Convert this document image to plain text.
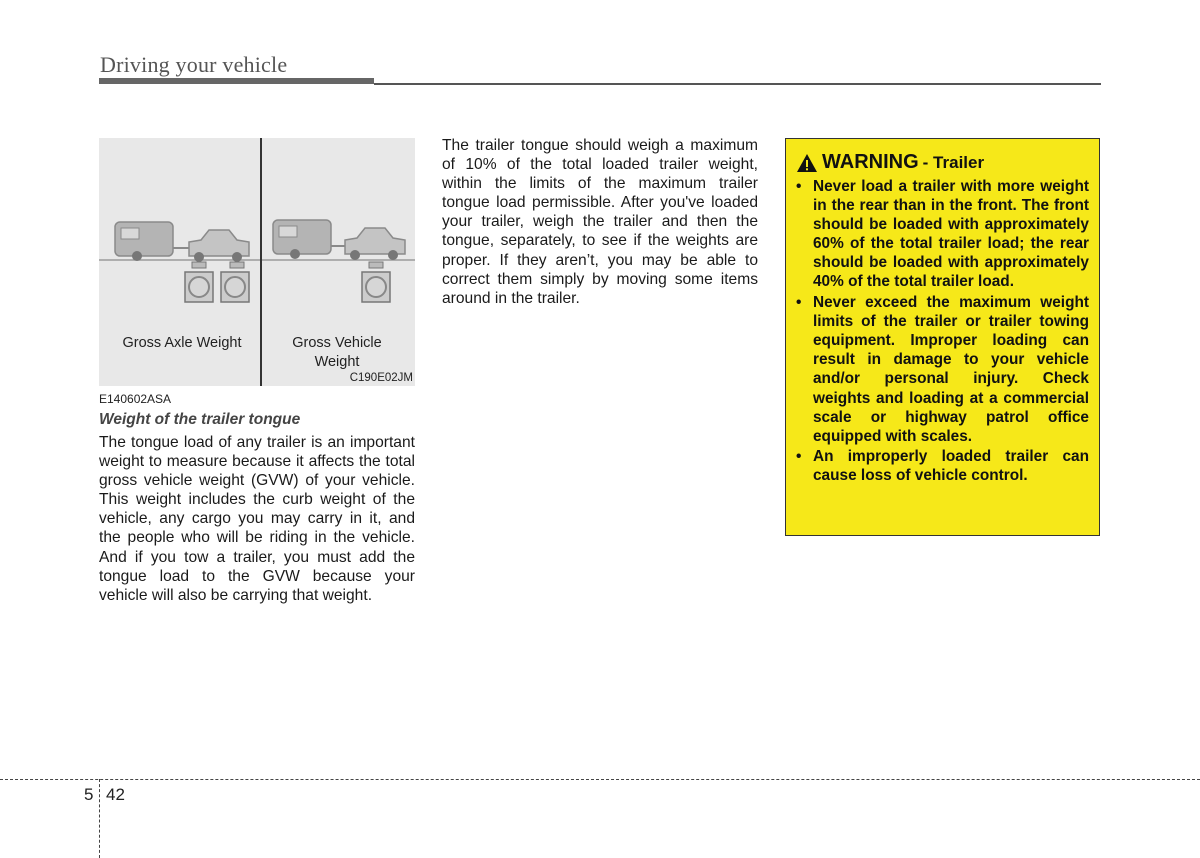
Driving your vehicle
Gross Axle Weight	Gross Vehicle Weight
C190E02JM
E140602ASA
Weight of the trailer tongue
The tongue load of any trailer is an important weight to measure because it affects the total gross vehicle weight (GVW) of your vehicle. This weight includes the curb weight of the vehicle, any cargo you may carry in it, and the people who will be riding in the vehicle. And if you tow a trailer, you must add the tongue load to the GVW because your vehicle will also be carrying that weight.
The trailer tongue should weigh a maximum of 10% of the total loaded trailer weight, within the limits of the maximum trailer tongue load permissible. After you've loaded your trailer, weigh the trailer and then the tongue, separately, to see if the weights are proper. If they aren’t, you may be able to correct them simply by moving some items around in the trailer.
WARNING - Trailer
• Never load a trailer with more weight in the rear than in the front. The front should be loaded with approximately 60% of the total trailer load; the rear should be loaded with approximately 40% of the total trailer load.
• Never exceed the maximum weight limits of the trailer or trailer towing equipment. Improper loading can result in damage to your vehicle and/or personal injury. Check weights and loading at a commercial scale or highway patrol office equipped with scales.
• An improperly loaded trailer can cause loss of vehicle control.
5 42
